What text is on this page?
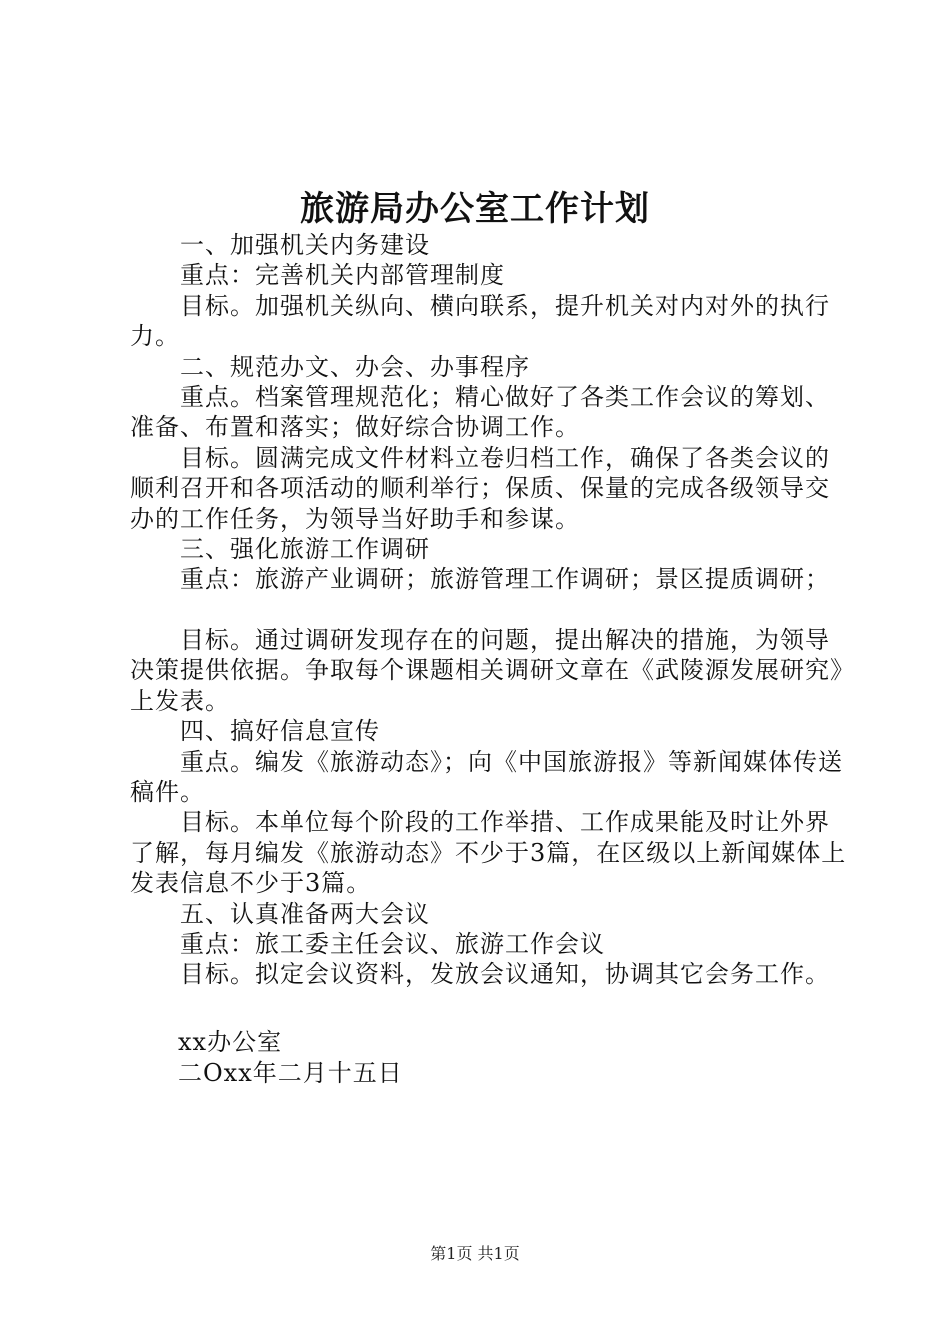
旅游局办公室工作计划

一、加强机关内务建设

重点：完善机关内部管理制度

目标。加强机关纵向、横向联系，提升机关对内对外的执行力。

二、规范办文、办会、办事程序

重点。档案管理规范化；精心做好了各类工作会议的筹划、准备、布置和落实；做好综合协调工作。

目标。圆满完成文件材料立卷归档工作，确保了各类会议的顺利召开和各项活动的顺利举行；保质、保量的完成各级领导交办的工作任务，为领导当好助手和参谋。

三、强化旅游工作调研

重点：旅游产业调研；旅游管理工作调研；景区提质调研；

目标。通过调研发现存在的问题，提出解决的措施，为领导决策提供依据。争取每个课题相关调研文章在《武陵源发展研究》上发表。

四、搞好信息宣传

重点。编发《旅游动态》；向《中国旅游报》等新闻媒体传送稿件。

目标。本单位每个阶段的工作举措、工作成果能及时让外界了解，每月编发《旅游动态》不少于3篇，在区级以上新闻媒体上发表信息不少于3篇。

五、认真准备两大会议

重点：旅工委主任会议、旅游工作会议

目标。拟定会议资料，发放会议通知，协调其它会务工作。

xx办公室
二Oxx年二月十五日
第1页 共1页
